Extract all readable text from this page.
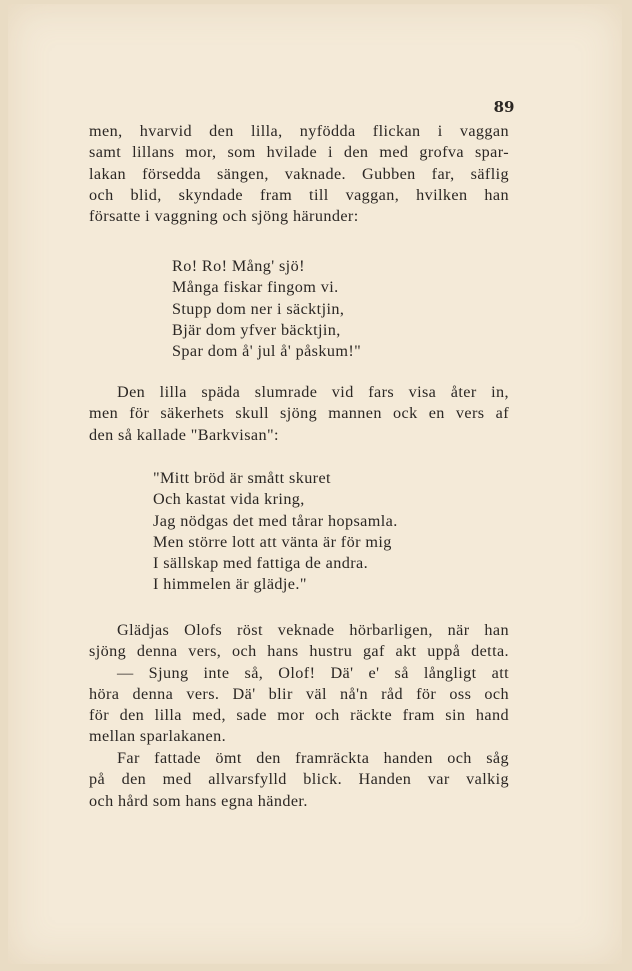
89
men, hvarvid den lilla, nyfödda flickan i vaggan
samt lillans mor, som hvilade i den med grofva spar-
lakan försedda sängen, vaknade. Gubben far, säflig
och blid, skyndade fram till vaggan, hvilken han
försatte i vaggning och sjöng härunder:
Ro! Ro! Mång' sjö!
Många fiskar fingom vi.
Stupp dom ner i säcktjin,
Bjär dom yfver bäcktjin,
Spar dom å' jul å' påskum!"
Den lilla späda slumrade vid fars visa åter in,
men för säkerhets skull sjöng mannen ock en vers af
den så kallade "Barkvisan":
"Mitt bröd är smått skuret
Och kastat vida kring,
Jag nödgas det med tårar hopsamla.
Men större lott att vänta är för mig
I sällskap med fattiga de andra.
I himmelen är glädje."
Glädjas Olofs röst veknade hörbarligen, när han
sjöng denna vers, och hans hustru gaf akt uppå detta.
— Sjung inte så, Olof! Dä' e' så långligt att
höra denna vers. Dä' blir väl nå'n råd för oss och
för den lilla med, sade mor och räckte fram sin hand
mellan sparlakanen.
Far fattade ömt den framräckta handen och såg
på den med allvarsfylld blick. Handen var valkig
och hård som hans egna händer.
